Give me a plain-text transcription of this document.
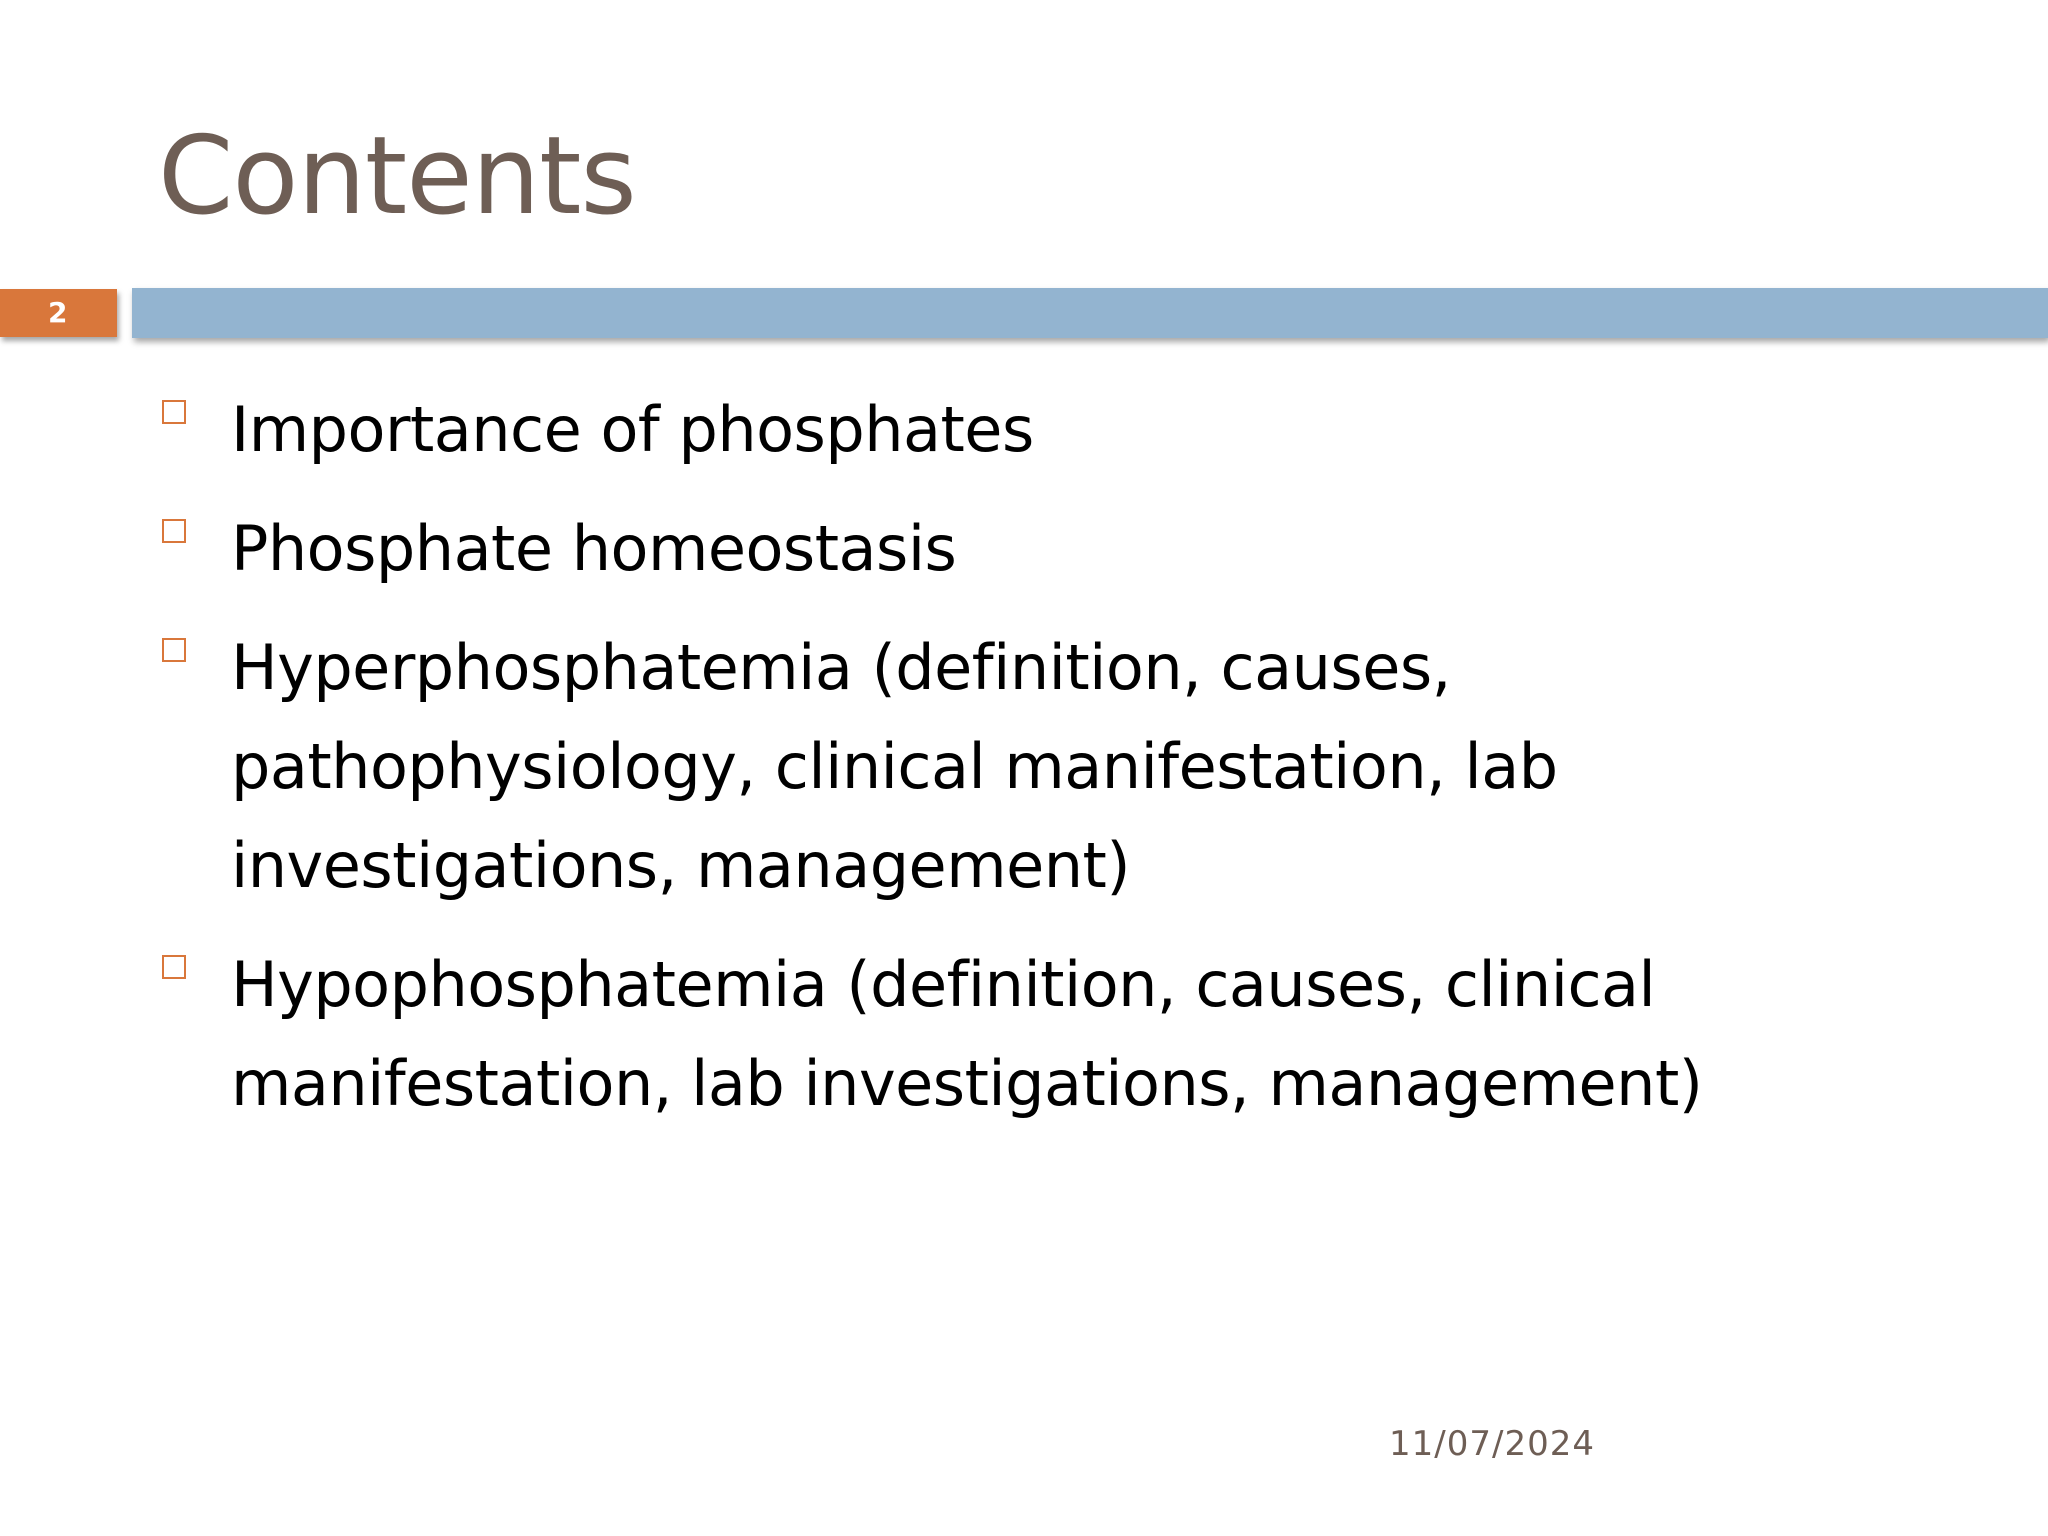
Contents
2
Importance of phosphates
Phosphate homeostasis
Hyperphosphatemia (definition, causes, pathophysiology, clinical manifestation, lab investigations, management)
Hypophosphatemia (definition, causes, clinical manifestation, lab investigations, management)
11/07/2024
